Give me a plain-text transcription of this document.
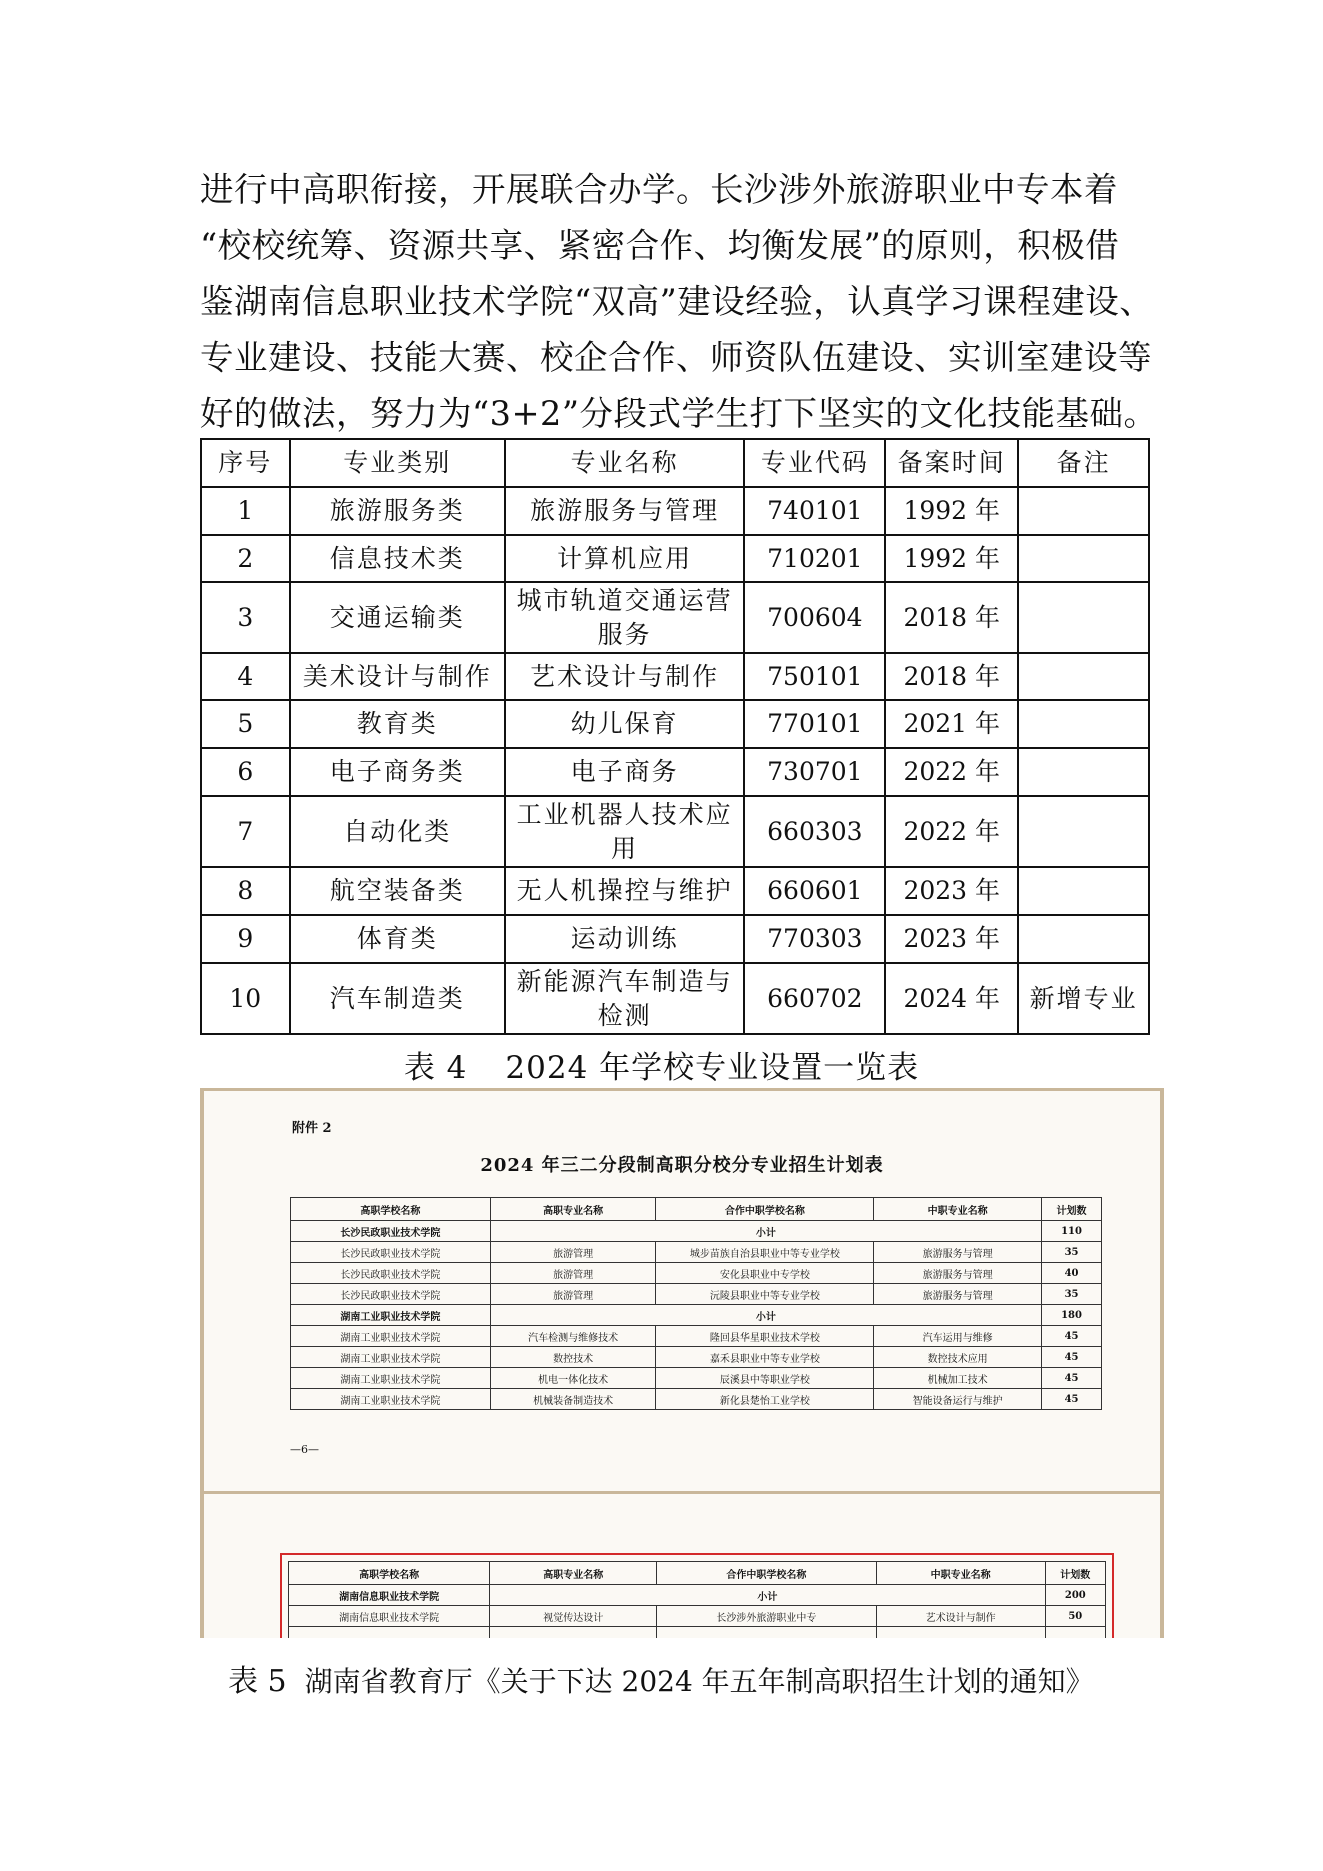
进行中高职衔接，开展联合办学。长沙涉外旅游职业中专本着

“校校统筹、资源共享、紧密合作、均衡发展”的原则，积极借

鉴湖南信息职业技术学院“双高”建设经验，认真学习课程建设、

专业建设、技能大赛、校企合作、师资队伍建设、实训室建设等

好的做法，努力为“3+2”分段式学生打下坚实的文化技能基础。

序号	专业类别	专业名称	专业代码	备案时间	备注
1	旅游服务类	旅游服务与管理	740101	1992 年	
2	信息技术类	计算机应用	710201	1992 年	
3	交通运输类	城市轨道交通运营服务	700604	2018 年	
4	美术设计与制作	艺术设计与制作	750101	2018 年	
5	教育类	幼儿保育	770101	2021 年	
6	电子商务类	电子商务	730701	2022 年	
7	自动化类	工业机器人技术应用	660303	2022 年	
8	航空装备类	无人机操控与维护	660601	2023 年	
9	体育类	运动训练	770303	2023 年	
10	汽车制造类	新能源汽车制造与检测	660702	2024 年	新增专业
表 4 2024 年学校专业设置一览表
附件 2
2024 年三二分段制高职分校分专业招生计划表
高职学校名称	高职专业名称	合作中职学校名称	中职专业名称	计划数
长沙民政职业技术学院	小计			110
长沙民政职业技术学院	旅游管理	城步苗族自治县职业中等专业学校	旅游服务与管理	35
长沙民政职业技术学院	旅游管理	安化县职业中专学校	旅游服务与管理	40
长沙民政职业技术学院	旅游管理	沅陵县职业中等专业学校	旅游服务与管理	35
湖南工业职业技术学院	小计			180
湖南工业职业技术学院	汽车检测与维修技术	隆回县华星职业技术学校	汽车运用与维修	45
湖南工业职业技术学院	数控技术	嘉禾县职业中等专业学校	数控技术应用	45
湖南工业职业技术学院	机电一体化技术	辰溪县中等职业学校	机械加工技术	45
湖南工业职业技术学院	机械装备制造技术	新化县楚怡工业学校	智能设备运行与维护	45
—6—
高职学校名称	高职专业名称	合作中职学校名称	中职专业名称	计划数
湖南信息职业技术学院	小计			200
湖南信息职业技术学院	视觉传达设计	长沙涉外旅游职业中专	艺术设计与制作	50

表 5 湖南省教育厅《关于下达 2024 年五年制高职招生计划的通知》
